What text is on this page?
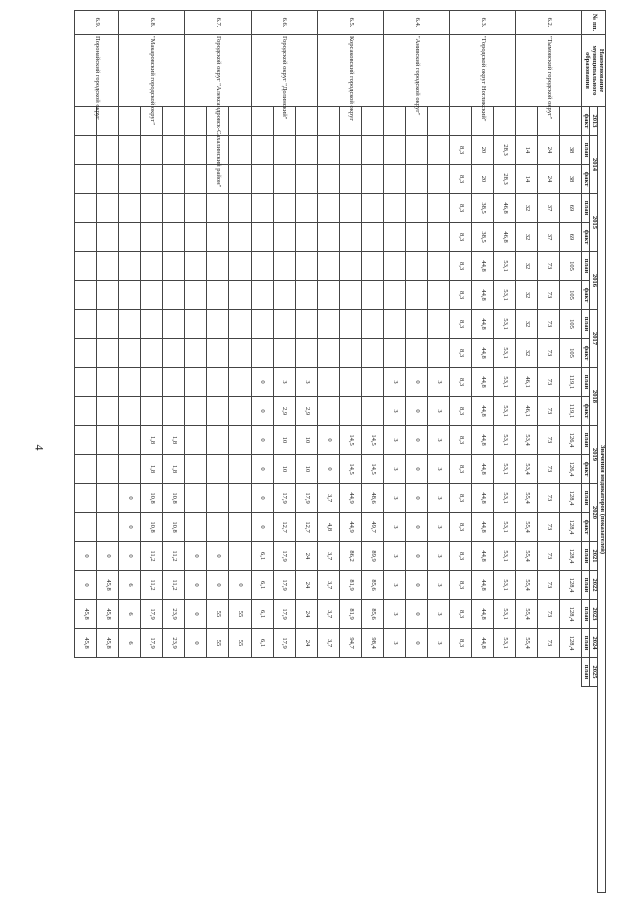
4
№ пп.	Наименование муниципального образования	Значения индикаторов (показателей)																			
		2013	2014		2015		2016		2017		2018		2019		2020		2021	2022	2023	2024	2025
		факт	план	факт	план	факт	план	факт	план	факт	план	факт	план	факт	план	факт	план	план	план	план	план
6.2.	"Тымовский городской округ"		38	38	69	69	105	105	105	105	119,1	119,1	126,4	126,4	128,4	128,4	128,4	128,4	128,4	128,4	
			24	24	37	37	73	73	73	73	73	73	73	73	73	73	73	73	73	73	
			14	14	32	32	32	32	32	32	46,1	46,1	53,4	53,4	55,4	55,4	55,4	55,4	55,4	55,4	
6.3.	"Городской округ Ногликский"		28,3	28,3	46,8	46,8	53,1	53,1	53,1	53,1	53,1	53,1	53,1	53,1	53,1	53,1	53,1	53,1	53,1	53,1	
			20	20	38,5	38,5	44,8	44,8	44,8	44,8	44,8	44,8	44,8	44,8	44,8	44,8	44,8	44,8	44,8	44,8	
			8,3	8,3	8,3	8,3	8,3	8,3	8,3	8,3	8,3	8,3	8,3	8,3	8,3	8,3	8,3	8,3	8,3	8,3	
6.4.	"Анивский городской округ"										3	3	3	3	3	3	3	3	3	3	
											0	0	0	0	0	0	0	0	0	0	
											3	3	3	3	3	3	3	3	3	3	
6.5.	Корсаковский городской округ												14,5	14,5	48,6	49,7	89,9	85,6	85,6	98,4	
													14,5	14,5	44,9	44,9	86,2	81,9	81,9	94,7	
													0	0	3,7	4,8	3,7	3,7	3,7	3,7	
6.6.	Городской округ "Долинский"										3	2,9	10	10	17,9	12,7	24	24	24	24	
											3	2,9	10	10	17,9	12,7	17,9	17,9	17,9	17,9	
											0	0	0	0	0	0	6,1	6,1	6,1	6,1	
6.7.	Городской округ "Александровск-Сахалинский район"																	0	55	55	
																	0	0	55	55	
																	0	0	0	0	
6.8.	"Макаровский городской округ"												1,8	1,8	10,8	10,8	11,2	11,2	23,9	23,9	
													1,8	1,8	10,8	10,8	11,2	11,2	17,9	17,9	
															0	0	0	6	6	6	
6.9.	Поронайский городской округ																0	45,8	45,8	45,8	
																	0	0	45,8	45,8	
